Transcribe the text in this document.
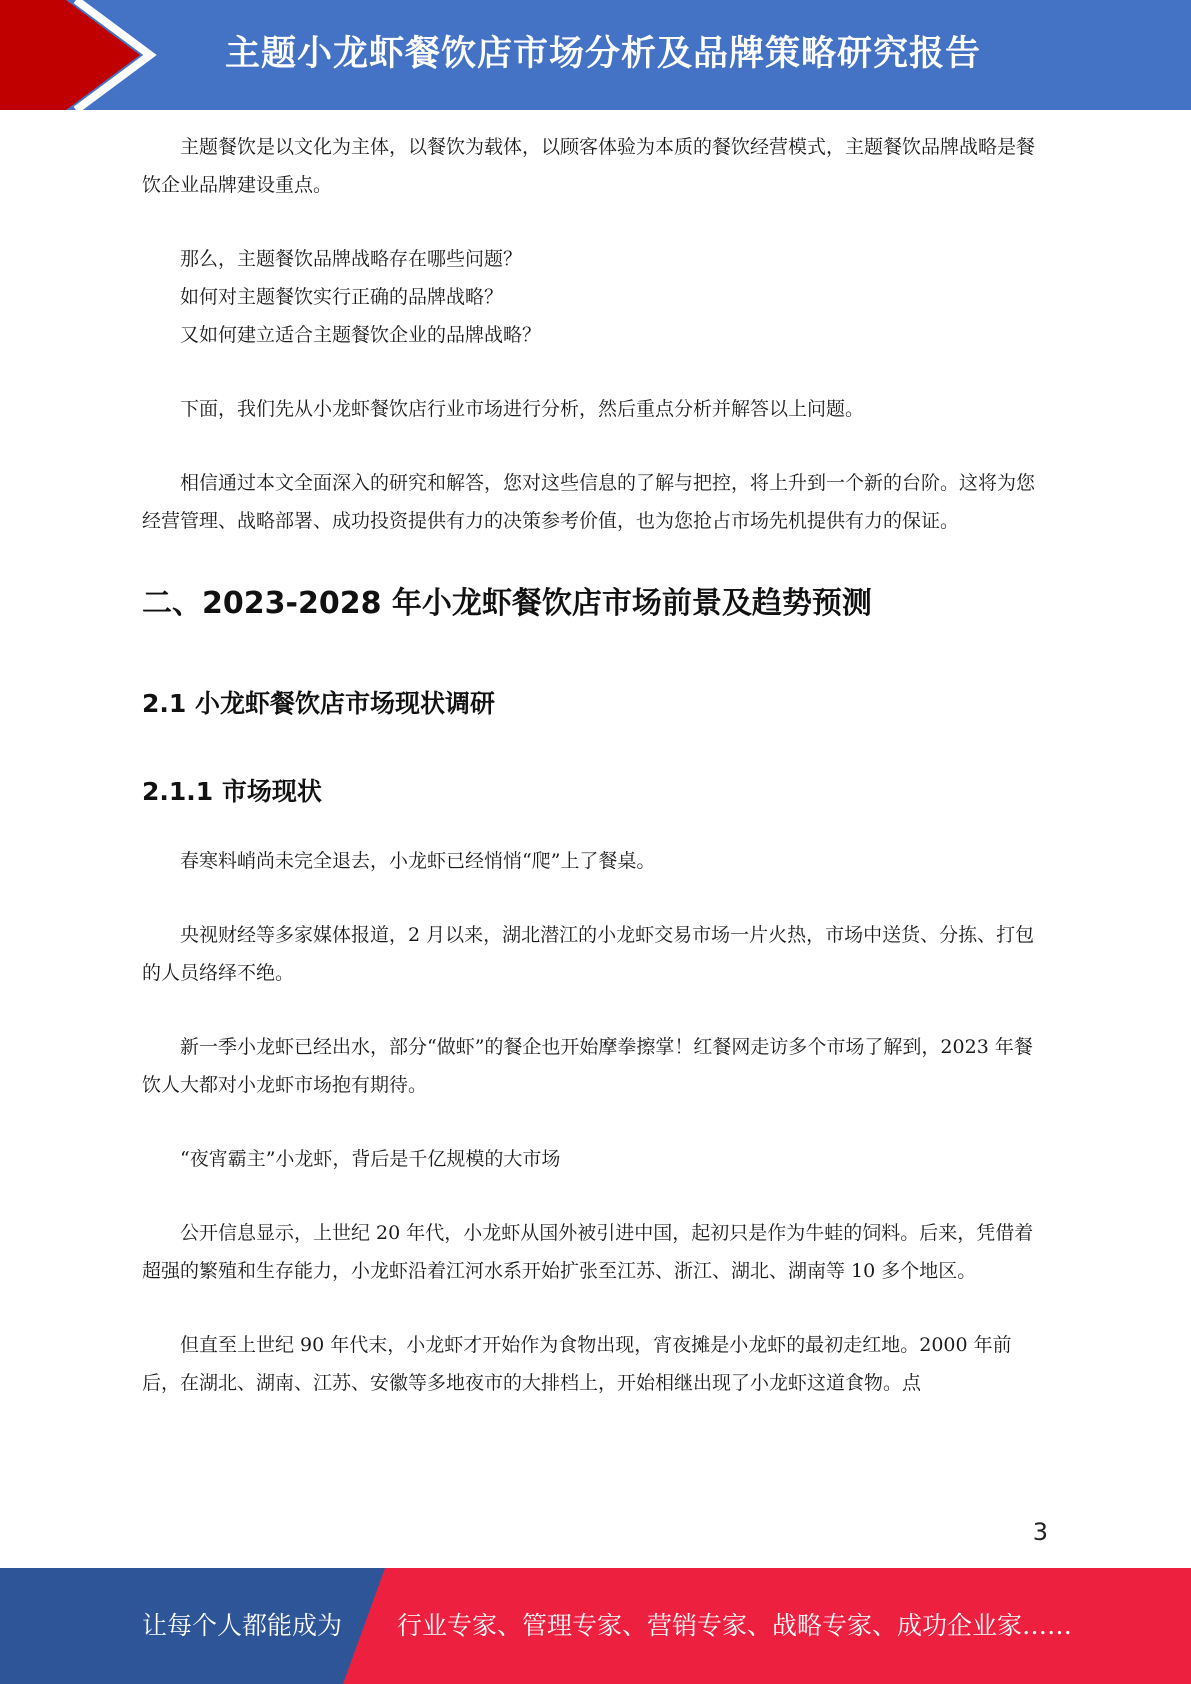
主题小龙虾餐饮店市场分析及品牌策略研究报告

主题餐饮是以文化为主体，以餐饮为载体，以顾客体验为本质的餐饮经营模式，主题餐饮品牌战略是餐饮企业品牌建设重点。

那么，主题餐饮品牌战略存在哪些问题？

如何对主题餐饮实行正确的品牌战略？

又如何建立适合主题餐饮企业的品牌战略？

下面，我们先从小龙虾餐饮店行业市场进行分析，然后重点分析并解答以上问题。

相信通过本文全面深入的研究和解答，您对这些信息的了解与把控，将上升到一个新的台阶。这将为您经营管理、战略部署、成功投资提供有力的决策参考价值，也为您抢占市场先机提供有力的保证。

二、2023-2028 年小龙虾餐饮店市场前景及趋势预测
2.1 小龙虾餐饮店市场现状调研
2.1.1 市场现状

春寒料峭尚未完全退去，小龙虾已经悄悄“爬”上了餐桌。

央视财经等多家媒体报道，2 月以来，湖北潜江的小龙虾交易市场一片火热，市场中送货、分拣、打包的人员络绎不绝。

新一季小龙虾已经出水，部分“做虾”的餐企也开始摩拳擦掌！红餐网走访多个市场了解到，2023 年餐饮人大都对小龙虾市场抱有期待。

“夜宵霸主”小龙虾，背后是千亿规模的大市场

公开信息显示，上世纪 20 年代，小龙虾从国外被引进中国，起初只是作为牛蛙的饲料。后来，凭借着超强的繁殖和生存能力，小龙虾沿着江河水系开始扩张至江苏、浙江、湖北、湖南等 10 多个地区。

但直至上世纪 90 年代末，小龙虾才开始作为食物出现，宵夜摊是小龙虾的最初走红地。2000 年前后，在湖北、湖南、江苏、安徽等多地夜市的大排档上，开始相继出现了小龙虾这道食物。点

3
让每个人都能成为 行业专家、管理专家、营销专家、战略专家、成功企业家……
